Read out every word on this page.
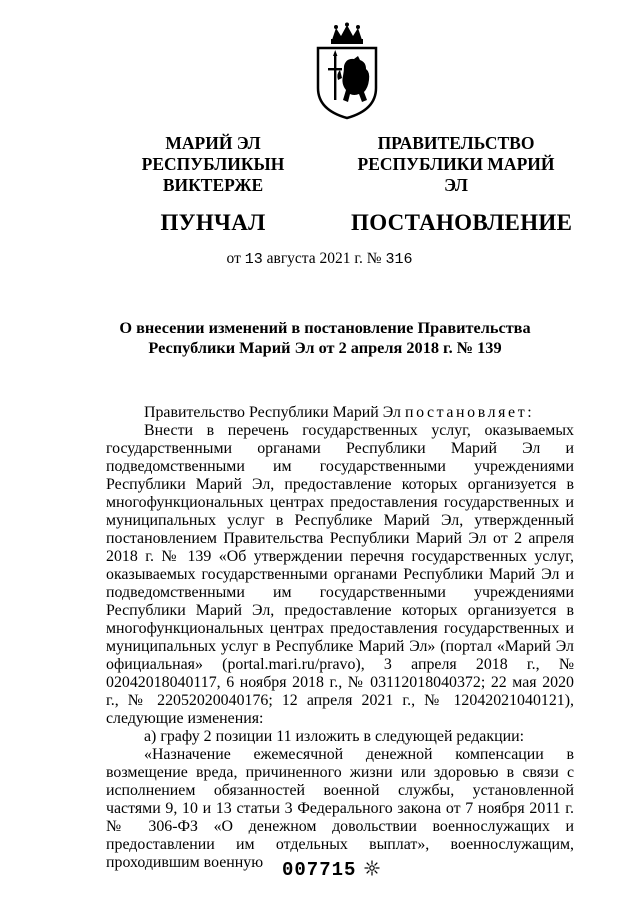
МАРИЙ ЭЛ РЕСПУБЛИКЫН
ВИКТЕРЖЕ
ПУНЧАЛ
ПРАВИТЕЛЬСТВО
РЕСПУБЛИКИ МАРИЙ ЭЛ
ПОСТАНОВЛЕНИЕ
от 13 августа 2021 г. № 316
О внесении изменений в постановление Правительства
Республики Марий Эл от 2 апреля 2018 г. № 139

Правительство Республики Марий Эл постановляет:

Внести в перечень государственных услуг, оказываемых государственными органами Республики Марий Эл и подведомственными им государственными учреждениями Республики Марий Эл, предоставление которых организуется в многофункциональных центрах предоставления государственных и муниципальных услуг в Республике Марий Эл, утвержденный постановлением Правительства Республики Марий Эл от 2 апреля 2018 г. № 139 «Об утверждении перечня государственных услуг, оказываемых государственными органами Республики Марий Эл и подведомственными им государственными учреждениями Республики Марий Эл, предоставление которых организуется в многофункциональных центрах предоставления государственных и муниципальных услуг в Республике Марий Эл» (портал «Марий Эл официальная» (portal.mari.ru/pravo), 3 апреля 2018 г., № 02042018040117, 6 ноября 2018 г., № 03112018040372; 22 мая 2020 г., № 22052020040176; 12 апреля 2021 г., № 12042021040121), следующие изменения:

а) графу 2 позиции 11 изложить в следующей редакции:

«Назначение ежемесячной денежной компенсации в возмещение вреда, причиненного жизни или здоровью в связи с исполнением обязанностей военной службы, установленной частями 9, 10 и 13 статьи 3 Федерального закона от 7 ноября 2011 г. № 306-ФЗ «О денежном довольствии военнослужащих и предоставлении им отдельных выплат», военнослужащим, проходившим военную 007715
